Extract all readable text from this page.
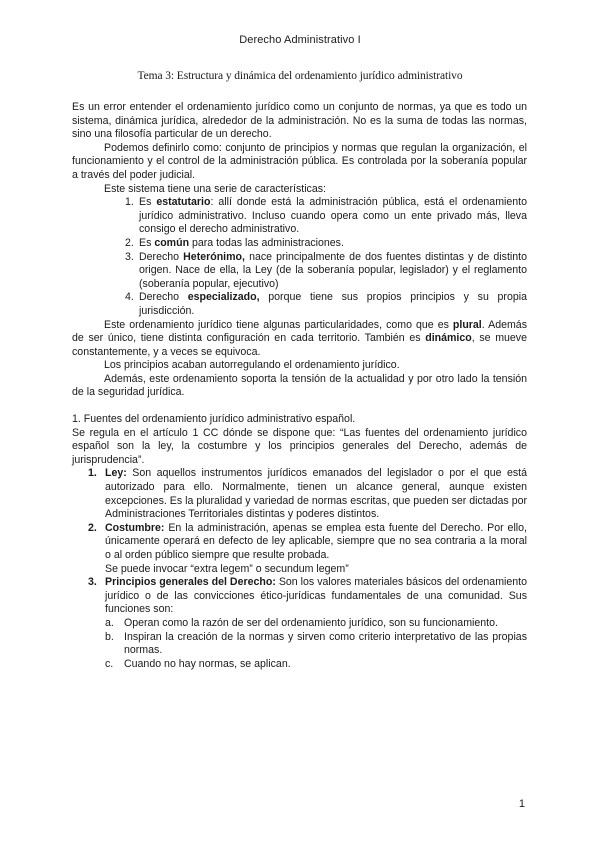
Derecho Administrativo I
Tema 3: Estructura y dinámica del ordenamiento jurídico administrativo

Es un error entender el ordenamiento jurídico como un conjunto de normas, ya que es todo un sistema, dinámica jurídica, alrededor de la administración. No es la suma de todas las normas, sino una filosofía particular de un derecho.

Podemos definirlo como: conjunto de principios y normas que regulan la organización, el funcionamiento y el control de la administración pública. Es controlada por la soberanía popular a través del poder judicial.

Este sistema tiene una serie de características:

1. Es estatutario: allí donde está la administración pública, está el ordenamiento jurídico administrativo. Incluso cuando opera como un ente privado más, lleva consigo el derecho administrativo.
2. Es común para todas las administraciones.
3. Derecho Heterónimo, nace principalmente de dos fuentes distintas y de distinto origen. Nace de ella, la Ley (de la soberanía popular, legislador) y el reglamento (soberanía popular, ejecutivo)
4. Derecho especializado, porque tiene sus propios principios y su propia jurisdicción.

Este ordenamiento jurídico tiene algunas particularidades, como que es plural. Además de ser único, tiene distinta configuración en cada territorio. También es dinámico, se mueve constantemente, y a veces se equivoca.

Los principios acaban autorregulando el ordenamiento jurídico.

Además, este ordenamiento soporta la tensión de la actualidad y por otro lado la tensión de la seguridad jurídica.

1. Fuentes del ordenamiento jurídico administrativo español.

Se regula en el artículo 1 CC dónde se dispone que: “Las fuentes del ordenamiento jurídico español son la ley, la costumbre y los principios generales del Derecho, además de jurisprudencia”.

1. Ley: Son aquellos instrumentos jurídicos emanados del legislador o por el que está autorizado para ello. Normalmente, tienen un alcance general, aunque existen excepciones. Es la pluralidad y variedad de normas escritas, que pueden ser dictadas por Administraciones Territoriales distintas y poderes distintos.
2. Costumbre: En la administración, apenas se emplea esta fuente del Derecho. Por ello, únicamente operará en defecto de ley aplicable, siempre que no sea contraria a la moral o al orden público siempre que resulte probada.
Se puede invocar “extra legem” o secundum legem”
3. Principios generales del Derecho: Son los valores materiales básicos del ordenamiento jurídico o de las convicciones ético-jurídicas fundamentales de una comunidad. Sus funciones son:
a. Operan como la razón de ser del ordenamiento jurídico, son su funcionamiento.
b. Inspiran la creación de la normas y sirven como criterio interpretativo de las propias normas.
c. Cuando no hay normas, se aplican.
1
